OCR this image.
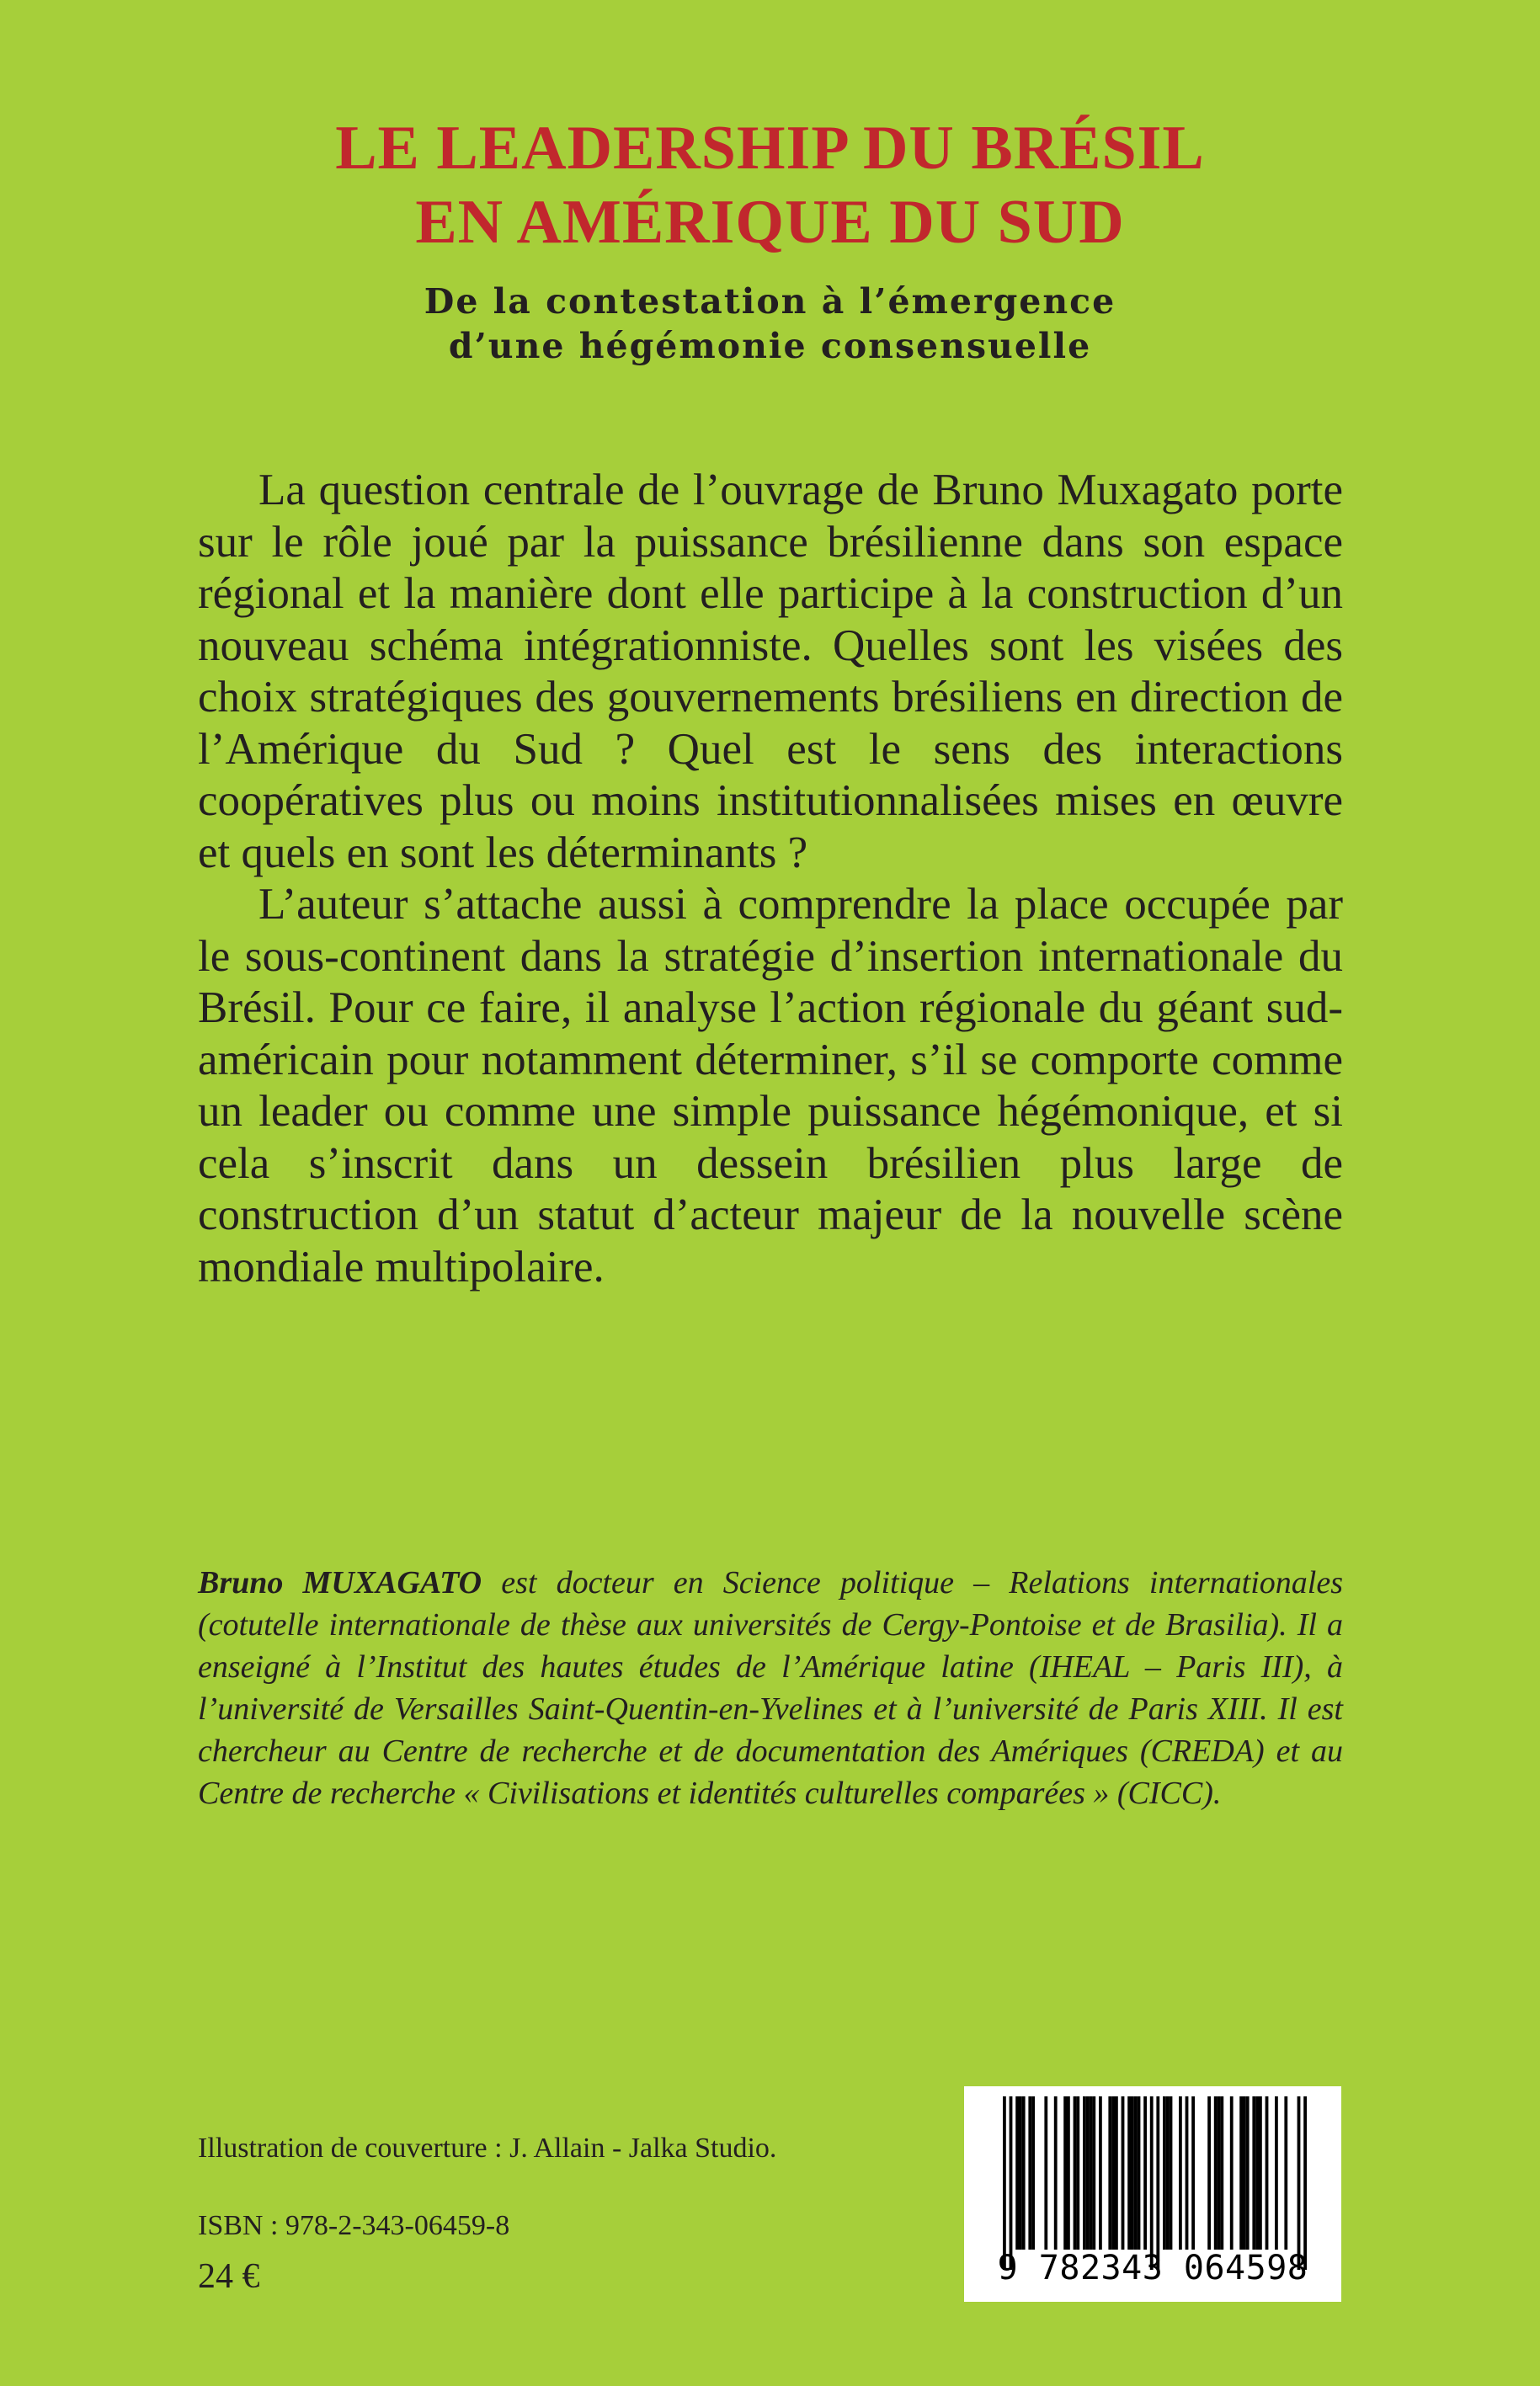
LE LEADERSHIP DU BRÉSIL
EN AMÉRIQUE DU SUD
De la contestation à l’émergence
d’une hégémonie consensuelle

La question centrale de l’ouvrage de Bruno Muxagato porte sur le rôle joué par la puissance brésilienne dans son espace régional et la manière dont elle participe à la construction d’un nouveau schéma intégrationniste. Quelles sont les visées des choix stratégiques des gouvernements brésiliens en direction de l’Amérique du Sud ? Quel est le sens des interactions coopératives plus ou moins institutionnalisées mises en œuvre et quels en sont les déterminants ?

L’auteur s’attache aussi à comprendre la place occupée par le sous-continent dans la stratégie d’insertion internationale du Brésil. Pour ce faire, il analyse l’action régionale du géant sud-américain pour notamment déterminer, s’il se comporte comme un leader ou comme une simple puissance hégémonique, et si cela s’inscrit dans un dessein brésilien plus large de construction d’un statut d’acteur majeur de la nouvelle scène mondiale multipolaire.

Bruno MUXAGATO est docteur en Science politique – Relations internationales (cotutelle internationale de thèse aux universités de Cergy-Pontoise et de Brasilia). Il a enseigné à l’Institut des hautes études de l’Amérique latine (IHEAL – Paris III), à l’université de Versailles Saint-Quentin-en-Yvelines et à l’université de Paris XIII. Il est chercheur au Centre de recherche et de documentation des Amériques (CREDA) et au Centre de recherche « Civilisations et identités culturelles comparées » (CICC).

Illustration de couverture : J. Allain - Jalka Studio.

ISBN : 978-2-343-06459-8

24 €	9 782343 064598
